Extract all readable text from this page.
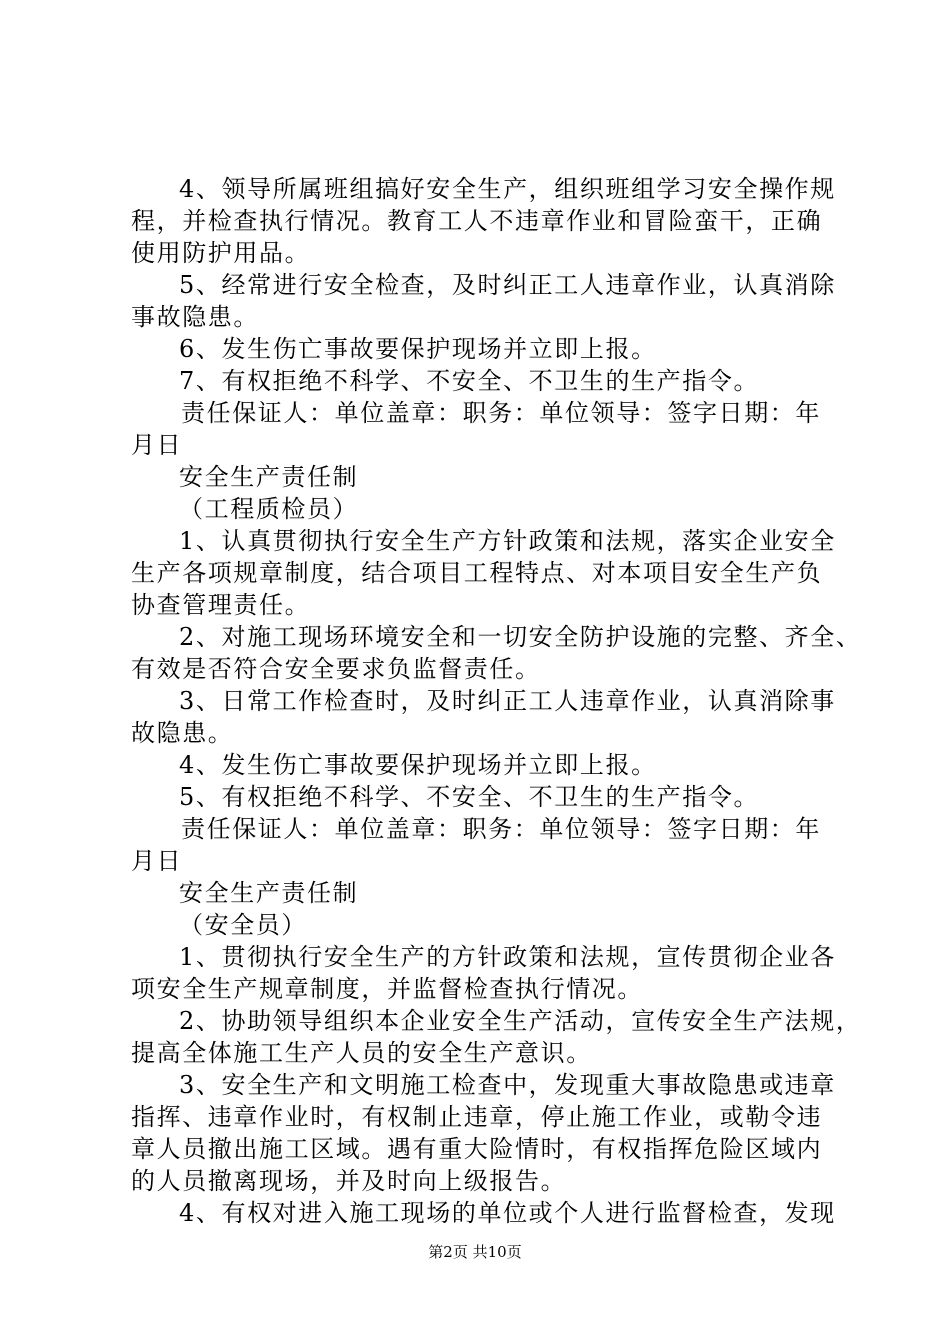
4、领导所属班组搞好安全生产，组织班组学习安全操作规
程，并检查执行情况。教育工人不违章作业和冒险蛮干，正确
使用防护用品。
5、经常进行安全检查，及时纠正工人违章作业，认真消除
事故隐患。
6、发生伤亡事故要保护现场并立即上报。
7、有权拒绝不科学、不安全、不卫生的生产指令。
责任保证人：单位盖章：职务：单位领导：签字日期：年
月日
安全生产责任制
（工程质检员）
1、认真贯彻执行安全生产方针政策和法规，落实企业安全
生产各项规章制度，结合项目工程特点、对本项目安全生产负
协查管理责任。
2、对施工现场环境安全和一切安全防护设施的完整、齐全、
有效是否符合安全要求负监督责任。
3、日常工作检查时，及时纠正工人违章作业，认真消除事
故隐患。
4、发生伤亡事故要保护现场并立即上报。
5、有权拒绝不科学、不安全、不卫生的生产指令。
责任保证人：单位盖章：职务：单位领导：签字日期：年
月日
安全生产责任制
（安全员）
1、贯彻执行安全生产的方针政策和法规，宣传贯彻企业各
项安全生产规章制度，并监督检查执行情况。
2、协助领导组织本企业安全生产活动，宣传安全生产法规，
提高全体施工生产人员的安全生产意识。
3、安全生产和文明施工检查中，发现重大事故隐患或违章
指挥、违章作业时，有权制止违章，停止施工作业，或勒令违
章人员撤出施工区域。遇有重大险情时，有权指挥危险区域内
的人员撤离现场，并及时向上级报告。
4、有权对进入施工现场的单位或个人进行监督检查，发现
第2页 共10页
